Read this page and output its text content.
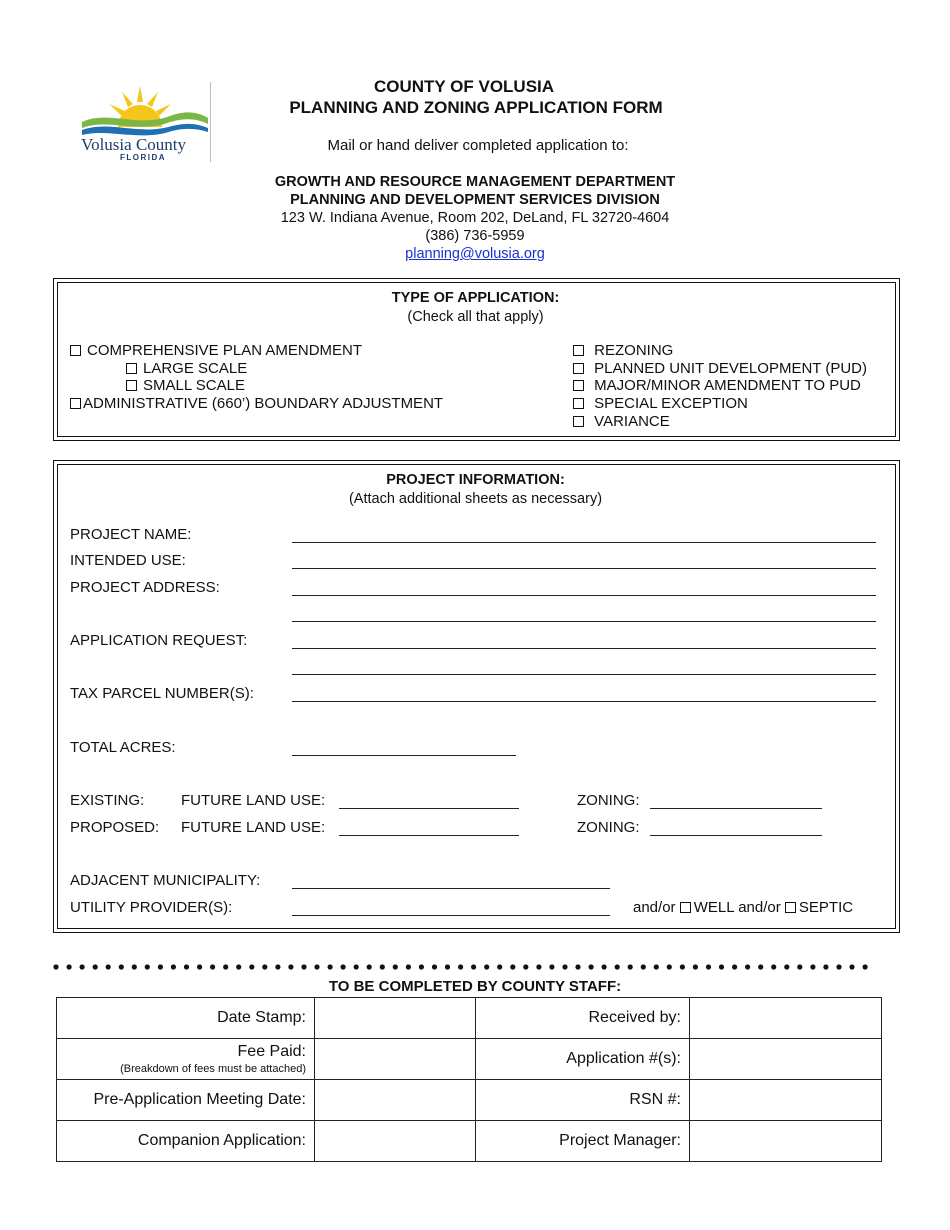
Volusia County
FLORIDA
COUNTY OF VOLUSIA
PLANNING AND ZONING APPLICATION FORM
Mail or hand deliver completed application to:
GROWTH AND RESOURCE MANAGEMENT DEPARTMENT
PLANNING AND DEVELOPMENT SERVICES DIVISION
123 W. Indiana Avenue, Room 202, DeLand, FL 32720-4604
(386) 736-5959
planning@volusia.org
TYPE OF APPLICATION:
(Check all that apply)
COMPREHENSIVE PLAN AMENDMENT
LARGE SCALE
SMALL SCALE
ADMINISTRATIVE (660’) BOUNDARY ADJUSTMENT
REZONING
PLANNED UNIT DEVELOPMENT (PUD)
MAJOR/MINOR AMENDMENT TO PUD
SPECIAL EXCEPTION
VARIANCE
PROJECT INFORMATION:
(Attach additional sheets as necessary)
PROJECT NAME:
INTENDED USE:
PROJECT ADDRESS:
APPLICATION REQUEST:
TAX PARCEL NUMBER(S):
TOTAL ACRES:
EXISTING: FUTURE LAND USE:	ZONING:
PROPOSED: FUTURE LAND USE:	ZONING:
ADJACENT MUNICIPALITY:
UTILITY PROVIDER(S):	and/or WELL and/or SEPTIC
TO BE COMPLETED BY COUNTY STAFF:
Date Stamp:		Received by:	
Fee Paid:
(Breakdown of fees must be attached)		Application #(s):	
Pre-Application Meeting Date:		RSN #:	
Companion Application:		Project Manager:	
